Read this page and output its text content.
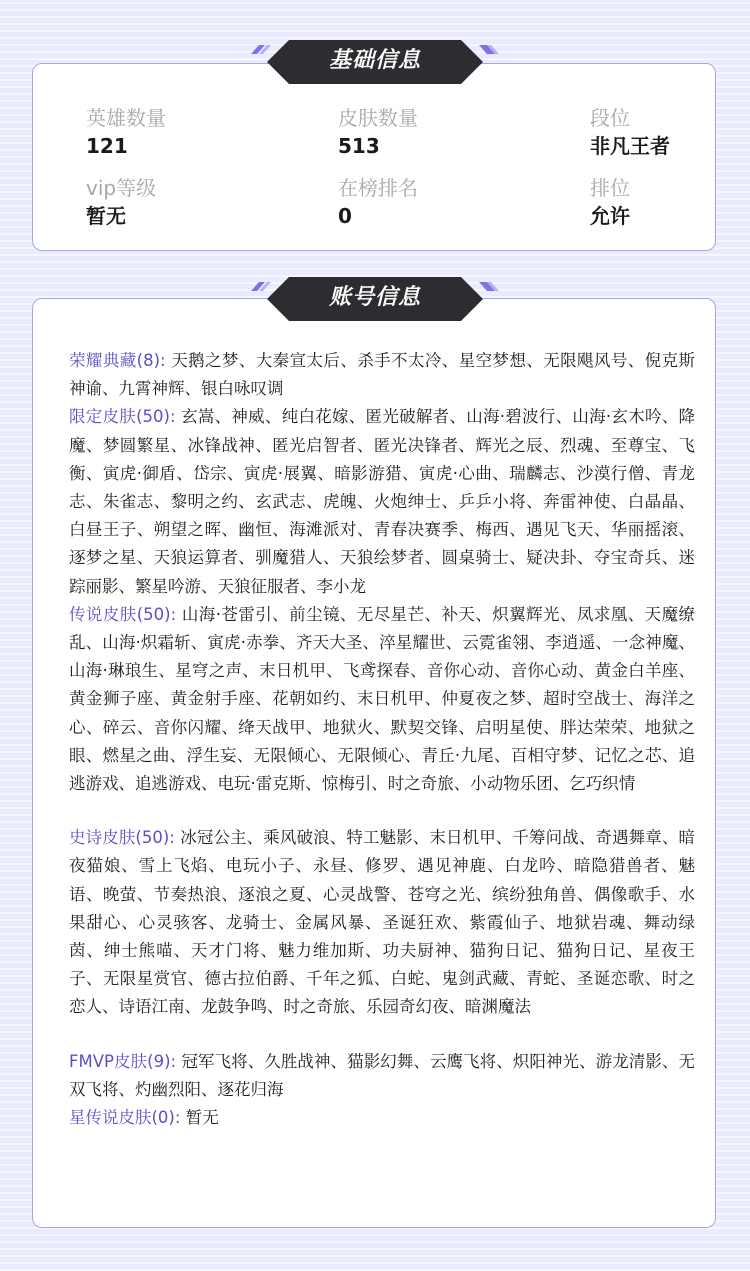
英雄数量
121
皮肤数量
513
段位
非凡王者
vip等级
暂无
在榜排名
0
排位
允许
荣耀典藏(8): 天鹅之梦、大秦宣太后、杀手不太冷、星空梦想、无限飓风号、倪克斯神谕、九霄神辉、银白咏叹调
限定皮肤(50): 玄嵩、神威、纯白花嫁、匿光破解者、山海·碧波行、山海·玄木吟、降魔、梦圆繁星、冰锋战神、匿光启智者、匿光决锋者、辉光之辰、烈魂、至尊宝、飞衡、寅虎·御盾、岱宗、寅虎·展翼、暗影游猎、寅虎·心曲、瑞麟志、沙漠行僧、青龙志、朱雀志、黎明之约、玄武志、虎魄、火炮绅士、乒乒小将、奔雷神使、白晶晶、白昼王子、朔望之晖、幽恒、海滩派对、青春决赛季、梅西、遇见飞天、华丽摇滚、逐梦之星、天狼运算者、驯魔猎人、天狼绘梦者、圆桌骑士、疑决卦、夺宝奇兵、迷踪丽影、繁星吟游、天狼征服者、李小龙
传说皮肤(50): 山海·苍雷引、前尘镜、无尽星芒、补天、炽翼辉光、凤求凰、天魔缭乱、山海·炽霜斩、寅虎·赤拳、齐天大圣、淬星耀世、云霓雀翎、李逍遥、一念神魔、山海·琳琅生、星穹之声、末日机甲、飞鸢探春、音你心动、音你心动、黄金白羊座、黄金狮子座、黄金射手座、花朝如约、末日机甲、仲夏夜之梦、超时空战士、海洋之心、碎云、音你闪耀、绛天战甲、地狱火、默契交锋、启明星使、胖达荣荣、地狱之眼、燃星之曲、浮生妄、无限倾心、无限倾心、青丘·九尾、百相守梦、记忆之芯、追逃游戏、追逃游戏、电玩·雷克斯、惊梅引、时之奇旅、小动物乐团、乞巧织情
史诗皮肤(50): 冰冠公主、乘风破浪、特工魅影、末日机甲、千筹问战、奇遇舞章、暗夜猫娘、雪上飞焰、电玩小子、永昼、修罗、遇见神鹿、白龙吟、暗隐猎兽者、魅语、晚萤、节奏热浪、逐浪之夏、心灵战警、苍穹之光、缤纷独角兽、偶像歌手、水果甜心、心灵骇客、龙骑士、金属风暴、圣诞狂欢、紫霞仙子、地狱岩魂、舞动绿茵、绅士熊喵、天才门将、魅力维加斯、功夫厨神、猫狗日记、猫狗日记、星夜王子、无限星赏官、德古拉伯爵、千年之狐、白蛇、鬼剑武藏、青蛇、圣诞恋歌、时之恋人、诗语江南、龙鼓争鸣、时之奇旅、乐园奇幻夜、暗渊魔法
FMVP皮肤(9): 冠军飞将、久胜战神、猫影幻舞、云鹰飞将、炽阳神光、游龙清影、无双飞将、灼幽烈阳、逐花归海
星传说皮肤(0): 暂无
基础信息
账号信息
